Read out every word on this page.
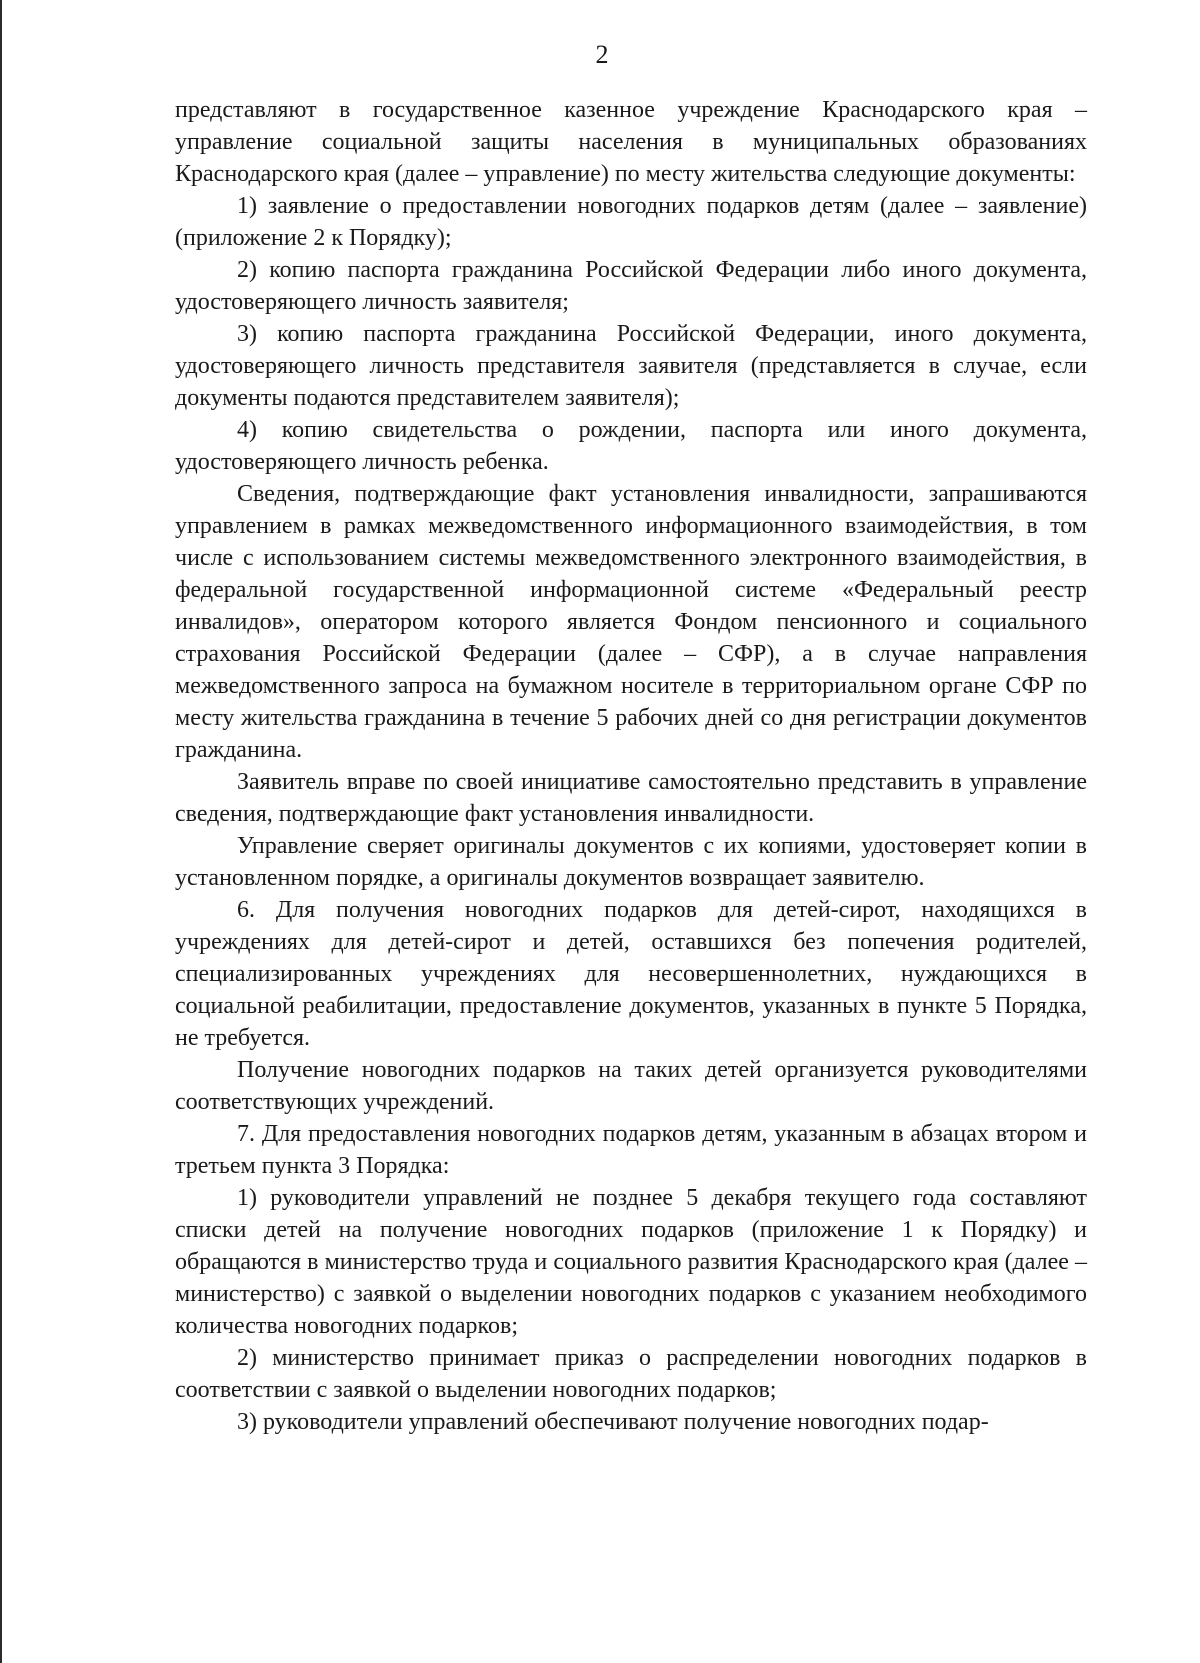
2

представляют в государственное казенное учреждение Краснодарского края – управление социальной защиты населения в муниципальных образованиях Краснодарского края (далее – управление) по месту жительства следующие документы:

1) заявление о предоставлении новогодних подарков детям (далее – заявление) (приложение 2 к Порядку);

2) копию паспорта гражданина Российской Федерации либо иного документа, удостоверяющего личность заявителя;

3) копию паспорта гражданина Российской Федерации, иного документа, удостоверяющего личность представителя заявителя (представляется в случае, если документы подаются представителем заявителя);

4) копию свидетельства о рождении, паспорта или иного документа, удостоверяющего личность ребенка.

Сведения, подтверждающие факт установления инвалидности, запрашиваются управлением в рамках межведомственного информационного взаимодействия, в том числе с использованием системы межведомственного электронного взаимодействия, в федеральной государственной информационной системе «Федеральный реестр инвалидов», оператором которого является Фондом пенсионного и социального страхования Российской Федерации (далее – СФР), а в случае направления межведомственного запроса на бумажном носителе в территориальном органе СФР по месту жительства гражданина в течение 5 рабочих дней со дня регистрации документов гражданина.

Заявитель вправе по своей инициативе самостоятельно представить в управление сведения, подтверждающие факт установления инвалидности.

Управление сверяет оригиналы документов с их копиями, удостоверяет копии в установленном порядке, а оригиналы документов возвращает заявителю.

6. Для получения новогодних подарков для детей-сирот, находящихся в учреждениях для детей-сирот и детей, оставшихся без попечения родителей, специализированных учреждениях для несовершеннолетних, нуждающихся в социальной реабилитации, предоставление документов, указанных в пункте 5 Порядка, не требуется.

Получение новогодних подарков на таких детей организуется руководителями соответствующих учреждений.

7. Для предоставления новогодних подарков детям, указанным в абзацах втором и третьем пункта 3 Порядка:

1) руководители управлений не позднее 5 декабря текущего года составляют списки детей на получение новогодних подарков (приложение 1 к Порядку) и обращаются в министерство труда и социального развития Краснодарского края (далее – министерство) с заявкой о выделении новогодних подарков с указанием необходимого количества новогодних подарков;

2) министерство принимает приказ о распределении новогодних подарков в соответствии с заявкой о выделении новогодних подарков;

3) руководители управлений обеспечивают получение новогодних подар-
